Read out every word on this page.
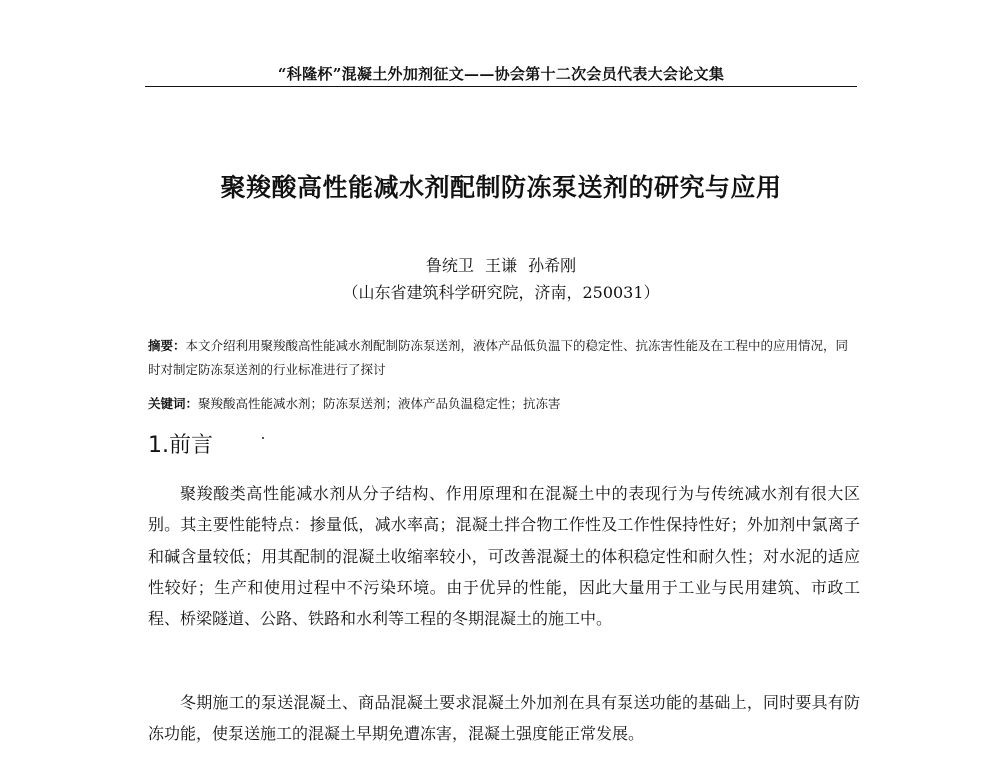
“科隆杯”混凝土外加剂征文——协会第十二次会员代表大会论文集
聚羧酸高性能减水剂配制防冻泵送剂的研究与应用
鲁统卫 王谦 孙希刚
（山东省建筑科学研究院，济南，250031）
摘要：本文介绍利用聚羧酸高性能减水剂配制防冻泵送剂，液体产品低负温下的稳定性、抗冻害性能及在工程中的应用情况，同时对制定防冻泵送剂的行业标准进行了探讨
关键词：聚羧酸高性能减水剂；防冻泵送剂；液体产品负温稳定性；抗冻害
1.前言
聚羧酸类高性能减水剂从分子结构、作用原理和在混凝土中的表现行为与传统减水剂有很大区别。其主要性能特点：掺量低，减水率高；混凝土拌合物工作性及工作性保持性好；外加剂中氯离子和碱含量较低；用其配制的混凝土收缩率较小，可改善混凝土的体积稳定性和耐久性；对水泥的适应性较好；生产和使用过程中不污染环境。由于优异的性能，因此大量用于工业与民用建筑、市政工程、桥梁隧道、公路、铁路和水利等工程的冬期混凝土的施工中。
冬期施工的泵送混凝土、商品混凝土要求混凝土外加剂在具有泵送功能的基础上，同时要具有防冻功能，使泵送施工的混凝土早期免遭冻害，混凝土强度能正常发展。
